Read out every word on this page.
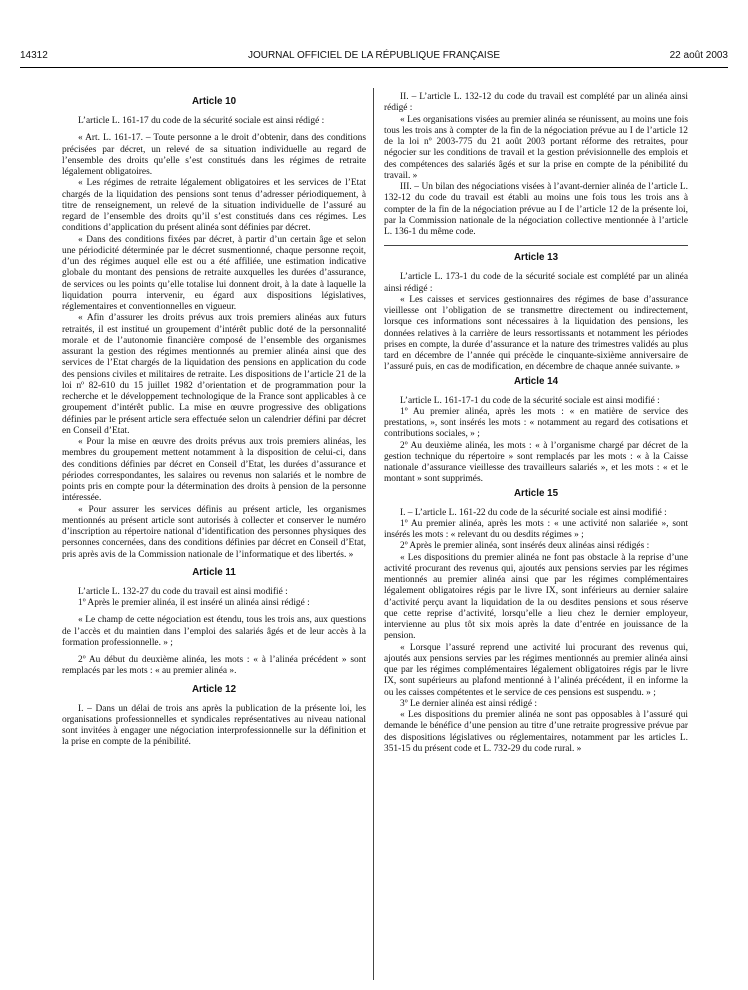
14312	JOURNAL OFFICIEL DE LA RÉPUBLIQUE FRANÇAISE	22 août 2003
Article 10

L’article L. 161-17 du code de la sécurité sociale est ainsi rédigé :

« Art. L. 161-17. – Toute personne a le droit d’obtenir, dans des conditions précisées par décret, un relevé de sa situation individuelle au regard de l’ensemble des droits qu’elle s’est constitués dans les régimes de retraite légalement obligatoires.

« Les régimes de retraite légalement obligatoires et les services de l’Etat chargés de la liquidation des pensions sont tenus d’adresser périodiquement, à titre de renseignement, un relevé de la situation individuelle de l’assuré au regard de l’ensemble des droits qu’il s’est constitués dans ces régimes. Les conditions d’application du présent alinéa sont définies par décret.

« Dans des conditions fixées par décret, à partir d’un certain âge et selon une périodicité déterminée par le décret susmentionné, chaque personne reçoit, d’un des régimes auquel elle est ou a été affiliée, une estimation indicative globale du montant des pensions de retraite auxquelles les durées d’assurance, de services ou les points qu’elle totalise lui donnent droit, à la date à laquelle la liquidation pourra intervenir, eu égard aux dispositions législatives, réglementaires et conventionnelles en vigueur.

« Afin d’assurer les droits prévus aux trois premiers alinéas aux futurs retraités, il est institué un groupement d’intérêt public doté de la personnalité morale et de l’autonomie financière composé de l’ensemble des organismes assurant la gestion des régimes mentionnés au premier alinéa ainsi que des services de l’Etat chargés de la liquidation des pensions en application du code des pensions civiles et militaires de retraite. Les dispositions de l’article 21 de la loi nº 82-610 du 15 juillet 1982 d’orientation et de programmation pour la recherche et le développement technologique de la France sont applicables à ce groupement d’intérêt public. La mise en œuvre progressive des obligations définies par le présent article sera effectuée selon un calendrier défini par décret en Conseil d’Etat.

« Pour la mise en œuvre des droits prévus aux trois premiers alinéas, les membres du groupement mettent notamment à la disposition de celui-ci, dans des conditions définies par décret en Conseil d’Etat, les durées d’assurance et périodes correspondantes, les salaires ou revenus non salariés et le nombre de points pris en compte pour la détermination des droits à pension de la personne intéressée.

« Pour assurer les services définis au présent article, les organismes mentionnés au présent article sont autorisés à collecter et conserver le numéro d’inscription au répertoire national d’identification des personnes physiques des personnes concernées, dans des conditions définies par décret en Conseil d’Etat, pris après avis de la Commission nationale de l’informatique et des libertés. »

Article 11

L’article L. 132-27 du code du travail est ainsi modifié :

1º Après le premier alinéa, il est inséré un alinéa ainsi rédigé :

« Le champ de cette négociation est étendu, tous les trois ans, aux questions de l’accès et du maintien dans l’emploi des salariés âgés et de leur accès à la formation professionnelle. » ;

2º Au début du deuxième alinéa, les mots : « à l’alinéa précédent » sont remplacés par les mots : « au premier alinéa ».

Article 12

I. – Dans un délai de trois ans après la publication de la présente loi, les organisations professionnelles et syndicales représentatives au niveau national sont invitées à engager une négociation interprofessionnelle sur la définition et la prise en compte de la pénibilité.

II. – L’article L. 132-12 du code du travail est complété par un alinéa ainsi rédigé :

« Les organisations visées au premier alinéa se réunissent, au moins une fois tous les trois ans à compter de la fin de la négociation prévue au I de l’article 12 de la loi nº 2003-775 du 21 août 2003 portant réforme des retraites, pour négocier sur les conditions de travail et la gestion prévisionnelle des emplois et des compétences des salariés âgés et sur la prise en compte de la pénibilité du travail. »

III. – Un bilan des négociations visées à l’avant-dernier alinéa de l’article L. 132-12 du code du travail est établi au moins une fois tous les trois ans à compter de la fin de la négociation prévue au I de l’article 12 de la présente loi, par la Commission nationale de la négociation collective mentionnée à l’article L. 136-1 du même code.

Article 13

L’article L. 173-1 du code de la sécurité sociale est complété par un alinéa ainsi rédigé :

« Les caisses et services gestionnaires des régimes de base d’assurance vieillesse ont l’obligation de se transmettre directement ou indirectement, lorsque ces informations sont nécessaires à la liquidation des pensions, les données relatives à la carrière de leurs ressortissants et notamment les périodes prises en compte, la durée d’assurance et la nature des trimestres validés au plus tard en décembre de l’année qui précède le cinquante-sixième anniversaire de l’assuré puis, en cas de modification, en décembre de chaque année suivante. »

Article 14

L’article L. 161-17-1 du code de la sécurité sociale est ainsi modifié :

1º Au premier alinéa, après les mots : « en matière de service des prestations, », sont insérés les mots : « notamment au regard des cotisations et contributions sociales, » ;

2º Au deuxième alinéa, les mots : « à l’organisme chargé par décret de la gestion technique du répertoire » sont remplacés par les mots : « à la Caisse nationale d’assurance vieillesse des travailleurs salariés », et les mots : « et le montant » sont supprimés.

Article 15

I. – L’article L. 161-22 du code de la sécurité sociale est ainsi modifié :

1º Au premier alinéa, après les mots : « une activité non salariée », sont insérés les mots : « relevant du ou desdits régimes » ;

2º Après le premier alinéa, sont insérés deux alinéas ainsi rédigés :

« Les dispositions du premier alinéa ne font pas obstacle à la reprise d’une activité procurant des revenus qui, ajoutés aux pensions servies par les régimes mentionnés au premier alinéa ainsi que par les régimes complémentaires légalement obligatoires régis par le livre IX, sont inférieurs au dernier salaire d’activité perçu avant la liquidation de la ou desdites pensions et sous réserve que cette reprise d’activité, lorsqu’elle a lieu chez le dernier employeur, intervienne au plus tôt six mois après la date d’entrée en jouissance de la pension.

« Lorsque l’assuré reprend une activité lui procurant des revenus qui, ajoutés aux pensions servies par les régimes mentionnés au premier alinéa ainsi que par les régimes complémentaires légalement obligatoires régis par le livre IX, sont supérieurs au plafond mentionné à l’alinéa précédent, il en informe la ou les caisses compétentes et le service de ces pensions est suspendu. » ;

3º Le dernier alinéa est ainsi rédigé :

« Les dispositions du premier alinéa ne sont pas opposables à l’assuré qui demande le bénéfice d’une pension au titre d’une retraite progressive prévue par des dispositions législatives ou réglementaires, notamment par les articles L. 351-15 du présent code et L. 732-29 du code rural. »
